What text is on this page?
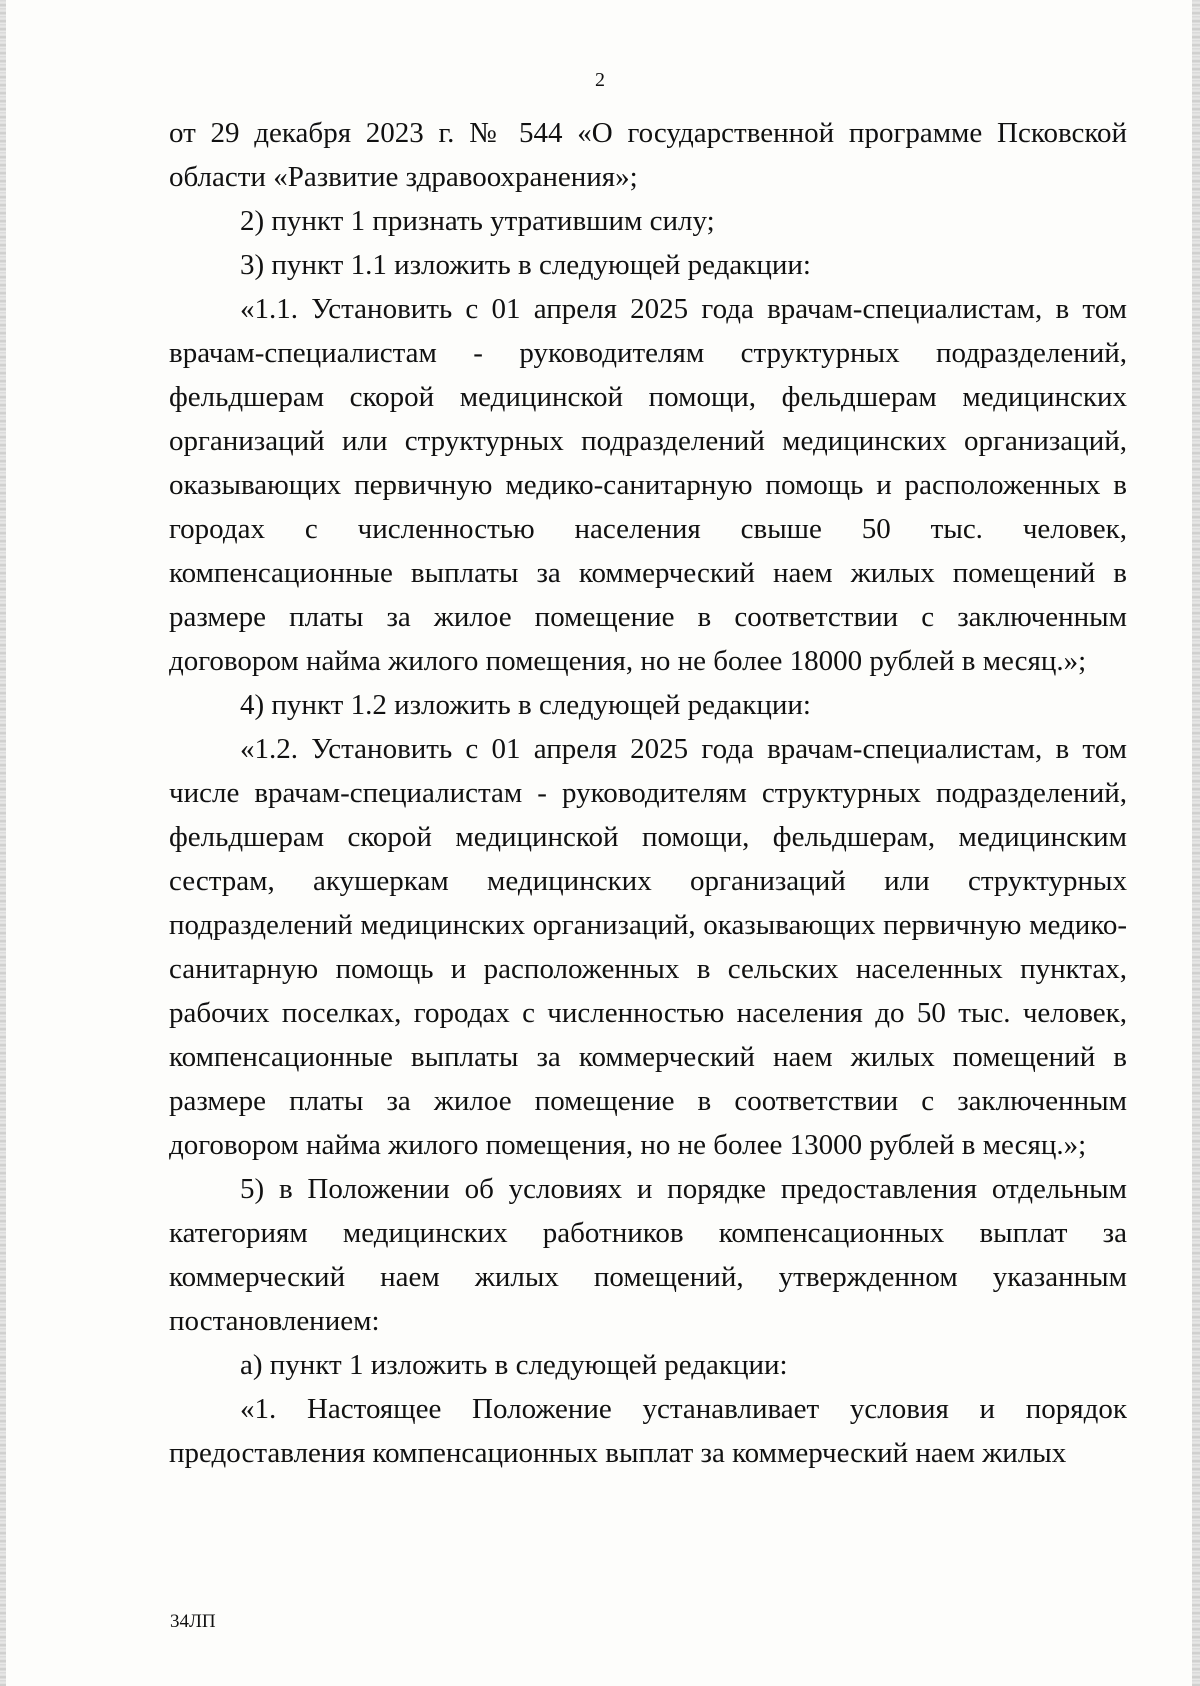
2

от 29 декабря 2023 г. № 544 «О государственной программе Псковской области «Развитие здравоохранения»;

2) пункт 1 признать утратившим силу;

3) пункт 1.1 изложить в следующей редакции:

«1.1. Установить с 01 апреля 2025 года врачам-специалистам, в том врачам-специалистам - руководителям структурных подразделений, фельдшерам скорой медицинской помощи, фельдшерам медицинских организаций или структурных подразделений медицинских организаций, оказывающих первичную медико-санитарную помощь и расположенных в городах с численностью населения свыше 50 тыс. человек, компенсационные выплаты за коммерческий наем жилых помещений в размере платы за жилое помещение в соответствии с заключенным договором найма жилого помещения, но не более 18000 рублей в месяц.»;

4) пункт 1.2 изложить в следующей редакции:

«1.2. Установить с 01 апреля 2025 года врачам-специалистам, в том числе врачам-специалистам - руководителям структурных подразделений, фельдшерам скорой медицинской помощи, фельдшерам, медицинским сестрам, акушеркам медицинских организаций или структурных подразделений медицинских организаций, оказывающих первичную медико-санитарную помощь и расположенных в сельских населенных пунктах, рабочих поселках, городах с численностью населения до 50 тыс. человек, компенсационные выплаты за коммерческий наем жилых помещений в размере платы за жилое помещение в соответствии с заключенным договором найма жилого помещения, но не более 13000 рублей в месяц.»;

5) в Положении об условиях и порядке предоставления отдельным категориям медицинских работников компенсационных выплат за коммерческий наем жилых помещений, утвержденном указанным постановлением:

а) пункт 1 изложить в следующей редакции:

«1. Настоящее Положение устанавливает условия и порядок предоставления компенсационных выплат за коммерческий наем жилых

34ЛП
